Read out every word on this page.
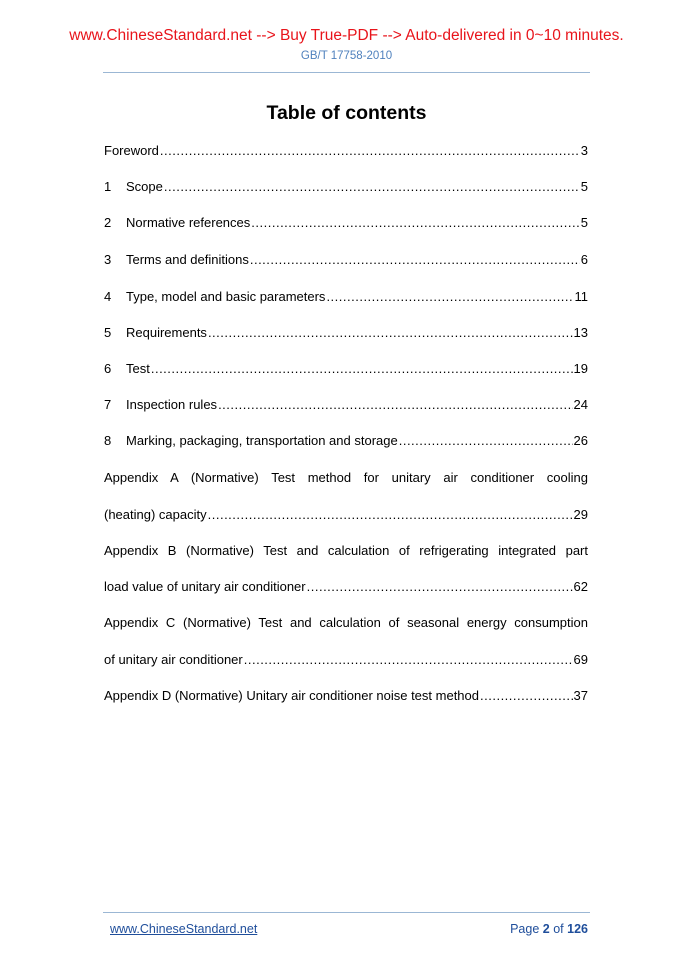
www.ChineseStandard.net --> Buy True-PDF --> Auto-delivered in 0~10 minutes.
GB/T 17758-2010
Table of contents
Foreword .....	3
1	Scope .....	5
2	Normative references .....	5
3	Terms and definitions .....	6
4	Type, model and basic parameters .....	11
5	Requirements .....	13
6	Test .....	19
7	Inspection rules .....	24
8	Marking, packaging, transportation and storage .....	26
Appendix A (Normative) Test method for unitary air conditioner cooling
(heating) capacity .....	29
Appendix B (Normative) Test and calculation of refrigerating integrated part
load value of unitary air conditioner .....	62
Appendix C (Normative) Test and calculation of seasonal energy consumption
of unitary air conditioner .....	69
Appendix D (Normative) Unitary air conditioner noise test method .....	37
www.ChineseStandard.net	Page 2 of 126
